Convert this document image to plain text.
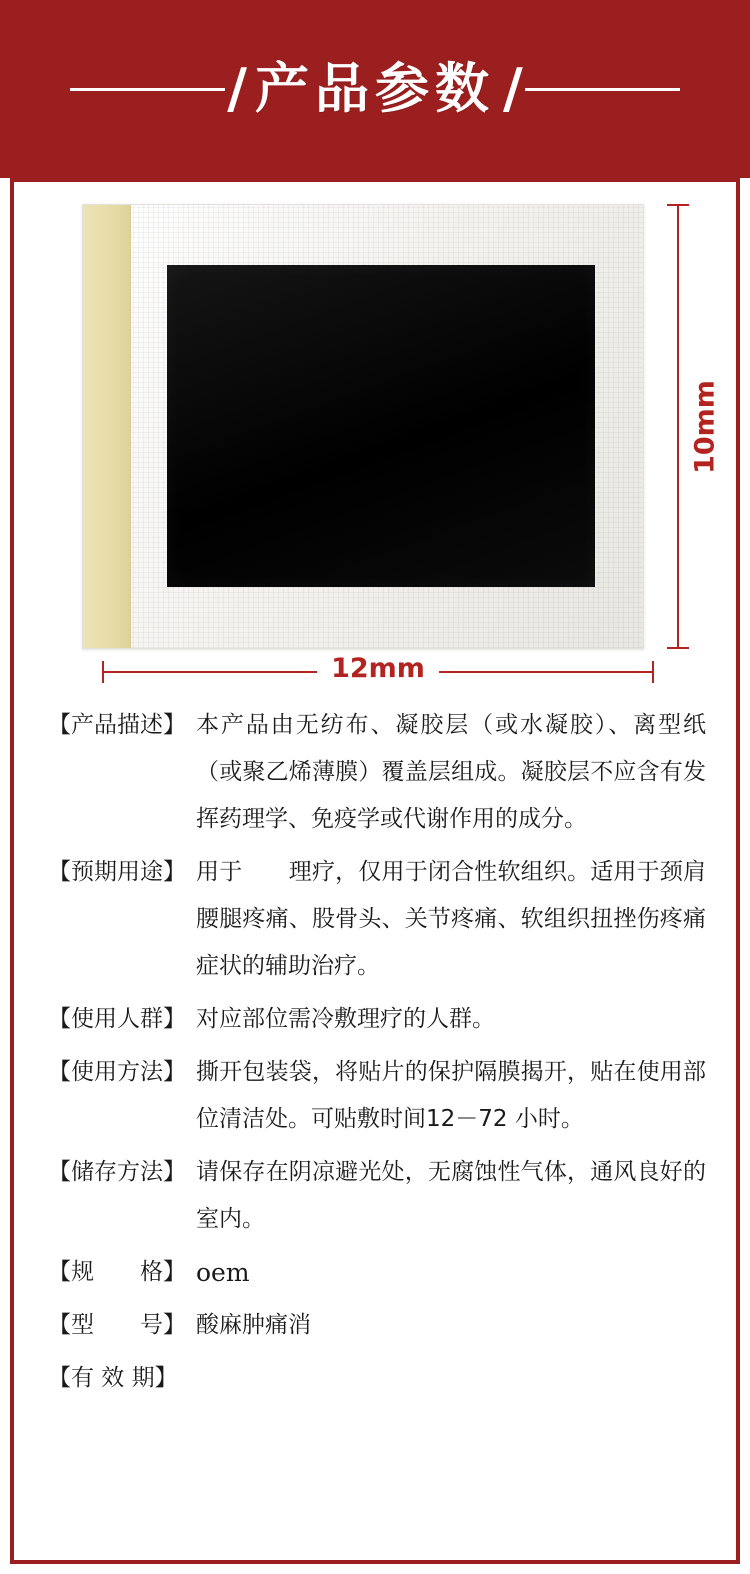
/ 产品参数 /
10mm
12mm
【产品描述】 本产品由无纺布、凝胶层（或水凝胶）、离型纸（或聚乙烯薄膜）覆盖层组成。凝胶层不应含有发挥药理学、免疫学或代谢作用的成分。
【预期用途】 用于　　理疗，仅用于闭合性软组织。适用于颈肩腰腿疼痛、股骨头、关节疼痛、软组织扭挫伤疼痛症状的辅助治疗。
【使用人群】 对应部位需冷敷理疗的人群。
【使用方法】 撕开包装袋，将贴片的保护隔膜揭开，贴在使用部位清洁处。可贴敷时间12－72 小时。
【储存方法】 请保存在阴凉避光处，无腐蚀性气体，通风良好的室内。
【规　　格】 oem
【型　　号】 酸麻肿痛消
【有 效 期】
